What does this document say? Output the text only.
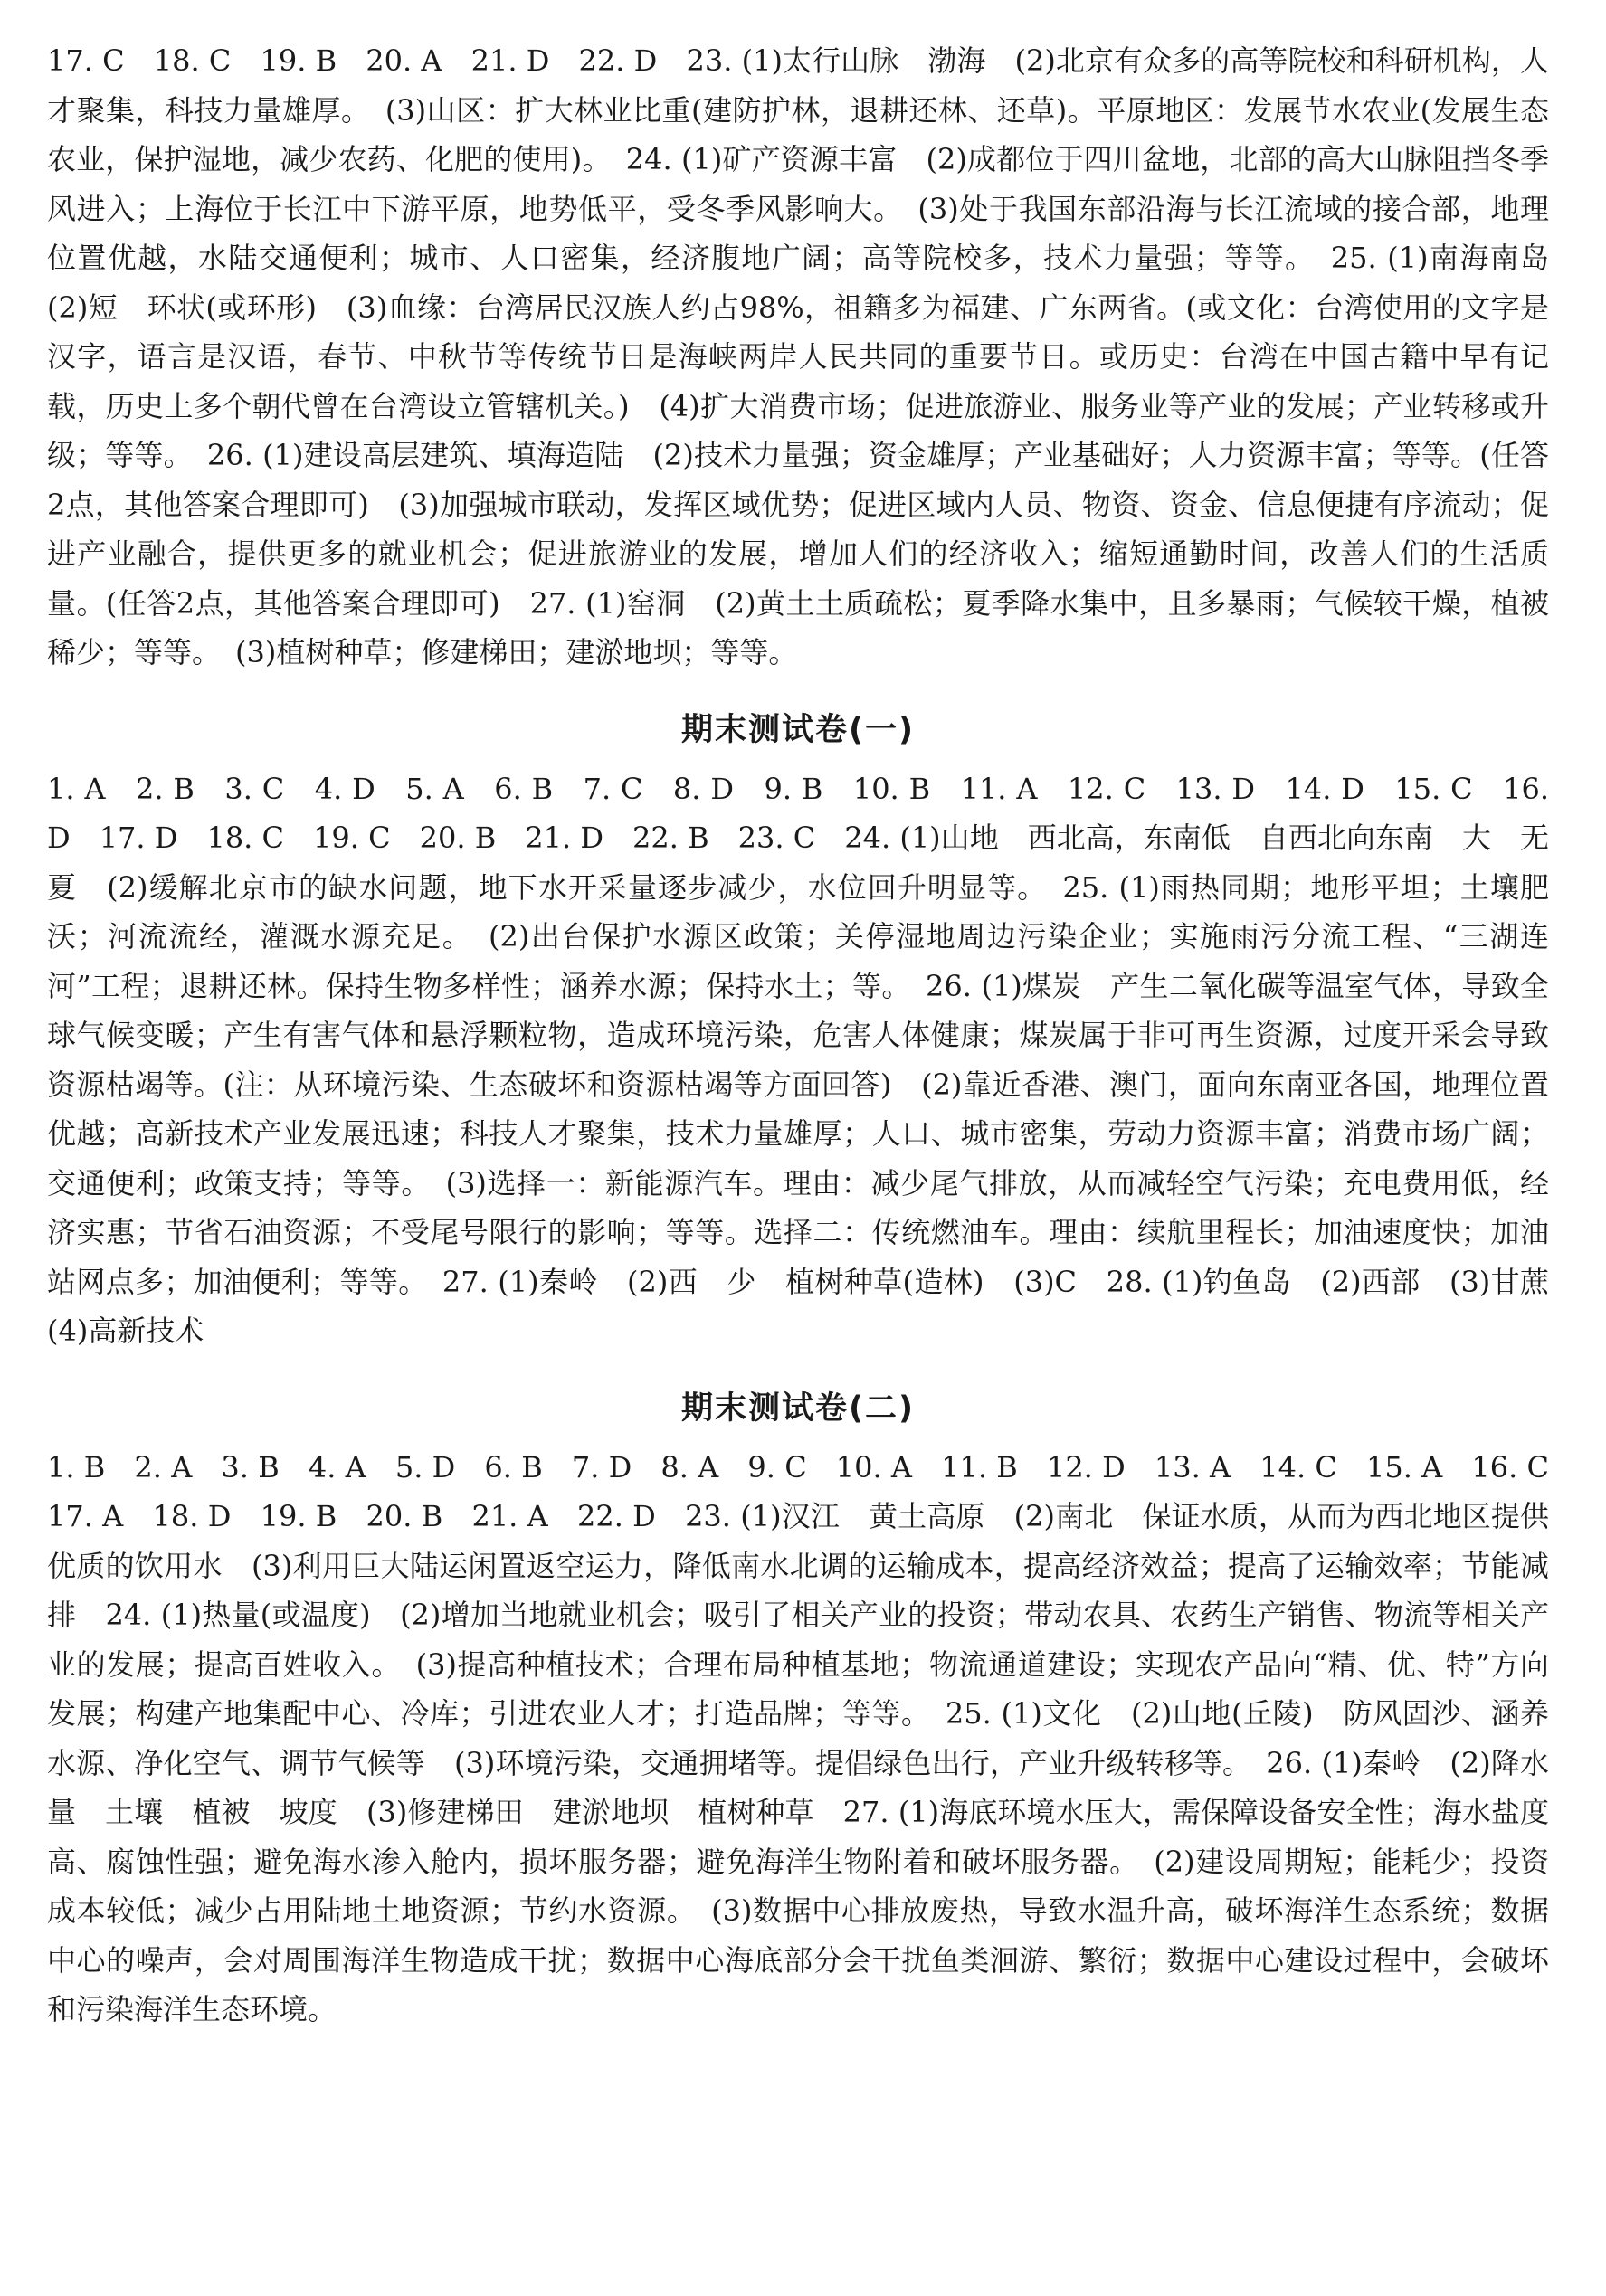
17. C　18. C　19. B　20. A　21. D　22. D　23. (1)太行山脉　渤海　(2)北京有众多的高等院校和科研机构，人才聚集，科技力量雄厚。　(3)山区：扩大林业比重(建防护林，退耕还林、还草)。平原地区：发展节水农业(发展生态农业，保护湿地，减少农药、化肥的使用)。　24. (1)矿产资源丰富　(2)成都位于四川盆地，北部的高大山脉阻挡冬季风进入；上海位于长江中下游平原，地势低平，受冬季风影响大。　(3)处于我国东部沿海与长江流域的接合部，地理位置优越，水陆交通便利；城市、人口密集，经济腹地广阔；高等院校多，技术力量强；等等。　25. (1)南海南岛　(2)短　环状(或环形)　(3)血缘：台湾居民汉族人约占98%，祖籍多为福建、广东两省。(或文化：台湾使用的文字是汉字，语言是汉语，春节、中秋节等传统节日是海峡两岸人民共同的重要节日。或历史：台湾在中国古籍中早有记载，历史上多个朝代曾在台湾设立管辖机关。)　(4)扩大消费市场；促进旅游业、服务业等产业的发展；产业转移或升级；等等。　26. (1)建设高层建筑、填海造陆　(2)技术力量强；资金雄厚；产业基础好；人力资源丰富；等等。(任答2点，其他答案合理即可)　(3)加强城市联动，发挥区域优势；促进区域内人员、物资、资金、信息便捷有序流动；促进产业融合，提供更多的就业机会；促进旅游业的发展，增加人们的经济收入；缩短通勤时间，改善人们的生活质量。(任答2点，其他答案合理即可)　27. (1)窑洞　(2)黄土土质疏松；夏季降水集中，且多暴雨；气候较干燥，植被稀少；等等。　(3)植树种草；修建梯田；建淤地坝；等等。

期末测试卷(一)

1. A　2. B　3. C　4. D　5. A　6. B　7. C　8. D　9. B　10. B　11. A　12. C　13. D　14. D　15. C　16. D　17. D　18. C　19. C　20. B　21. D　22. B　23. C　24. (1)山地　西北高，东南低　自西北向东南　大　无　夏　(2)缓解北京市的缺水问题，地下水开采量逐步减少，水位回升明显等。　25. (1)雨热同期；地形平坦；土壤肥沃；河流流经，灌溉水源充足。　(2)出台保护水源区政策；关停湿地周边污染企业；实施雨污分流工程、“三湖连河”工程；退耕还林。保持生物多样性；涵养水源；保持水土；等。　26. (1)煤炭　产生二氧化碳等温室气体，导致全球气候变暖；产生有害气体和悬浮颗粒物，造成环境污染，危害人体健康；煤炭属于非可再生资源，过度开采会导致资源枯竭等。(注：从环境污染、生态破坏和资源枯竭等方面回答)　(2)靠近香港、澳门，面向东南亚各国，地理位置优越；高新技术产业发展迅速；科技人才聚集，技术力量雄厚；人口、城市密集，劳动力资源丰富；消费市场广阔；交通便利；政策支持；等等。　(3)选择一：新能源汽车。理由：减少尾气排放，从而减轻空气污染；充电费用低，经济实惠；节省石油资源；不受尾号限行的影响；等等。选择二：传统燃油车。理由：续航里程长；加油速度快；加油站网点多；加油便利；等等。　27. (1)秦岭　(2)西　少　植树种草(造林)　(3)C　28. (1)钓鱼岛　(2)西部　(3)甘蔗　(4)高新技术

期末测试卷(二)

1. B　2. A　3. B　4. A　5. D　6. B　7. D　8. A　9. C　10. A　11. B　12. D　13. A　14. C　15. A　16. C　17. A　18. D　19. B　20. B　21. A　22. D　23. (1)汉江　黄土高原　(2)南北　保证水质，从而为西北地区提供优质的饮用水　(3)利用巨大陆运闲置返空运力，降低南水北调的运输成本，提高经济效益；提高了运输效率；节能减排　24. (1)热量(或温度)　(2)增加当地就业机会；吸引了相关产业的投资；带动农具、农药生产销售、物流等相关产业的发展；提高百姓收入。　(3)提高种植技术；合理布局种植基地；物流通道建设；实现农产品向“精、优、特”方向发展；构建产地集配中心、冷库；引进农业人才；打造品牌；等等。　25. (1)文化　(2)山地(丘陵)　防风固沙、涵养水源、净化空气、调节气候等　(3)环境污染，交通拥堵等。提倡绿色出行，产业升级转移等。　26. (1)秦岭　(2)降水量　土壤　植被　坡度　(3)修建梯田　建淤地坝　植树种草　27. (1)海底环境水压大，需保障设备安全性；海水盐度高、腐蚀性强；避免海水渗入舱内，损坏服务器；避免海洋生物附着和破坏服务器。　(2)建设周期短；能耗少；投资成本较低；减少占用陆地土地资源；节约水资源。　(3)数据中心排放废热，导致水温升高，破坏海洋生态系统；数据中心的噪声，会对周围海洋生物造成干扰；数据中心海底部分会干扰鱼类洄游、繁衍；数据中心建设过程中，会破坏和污染海洋生态环境。
